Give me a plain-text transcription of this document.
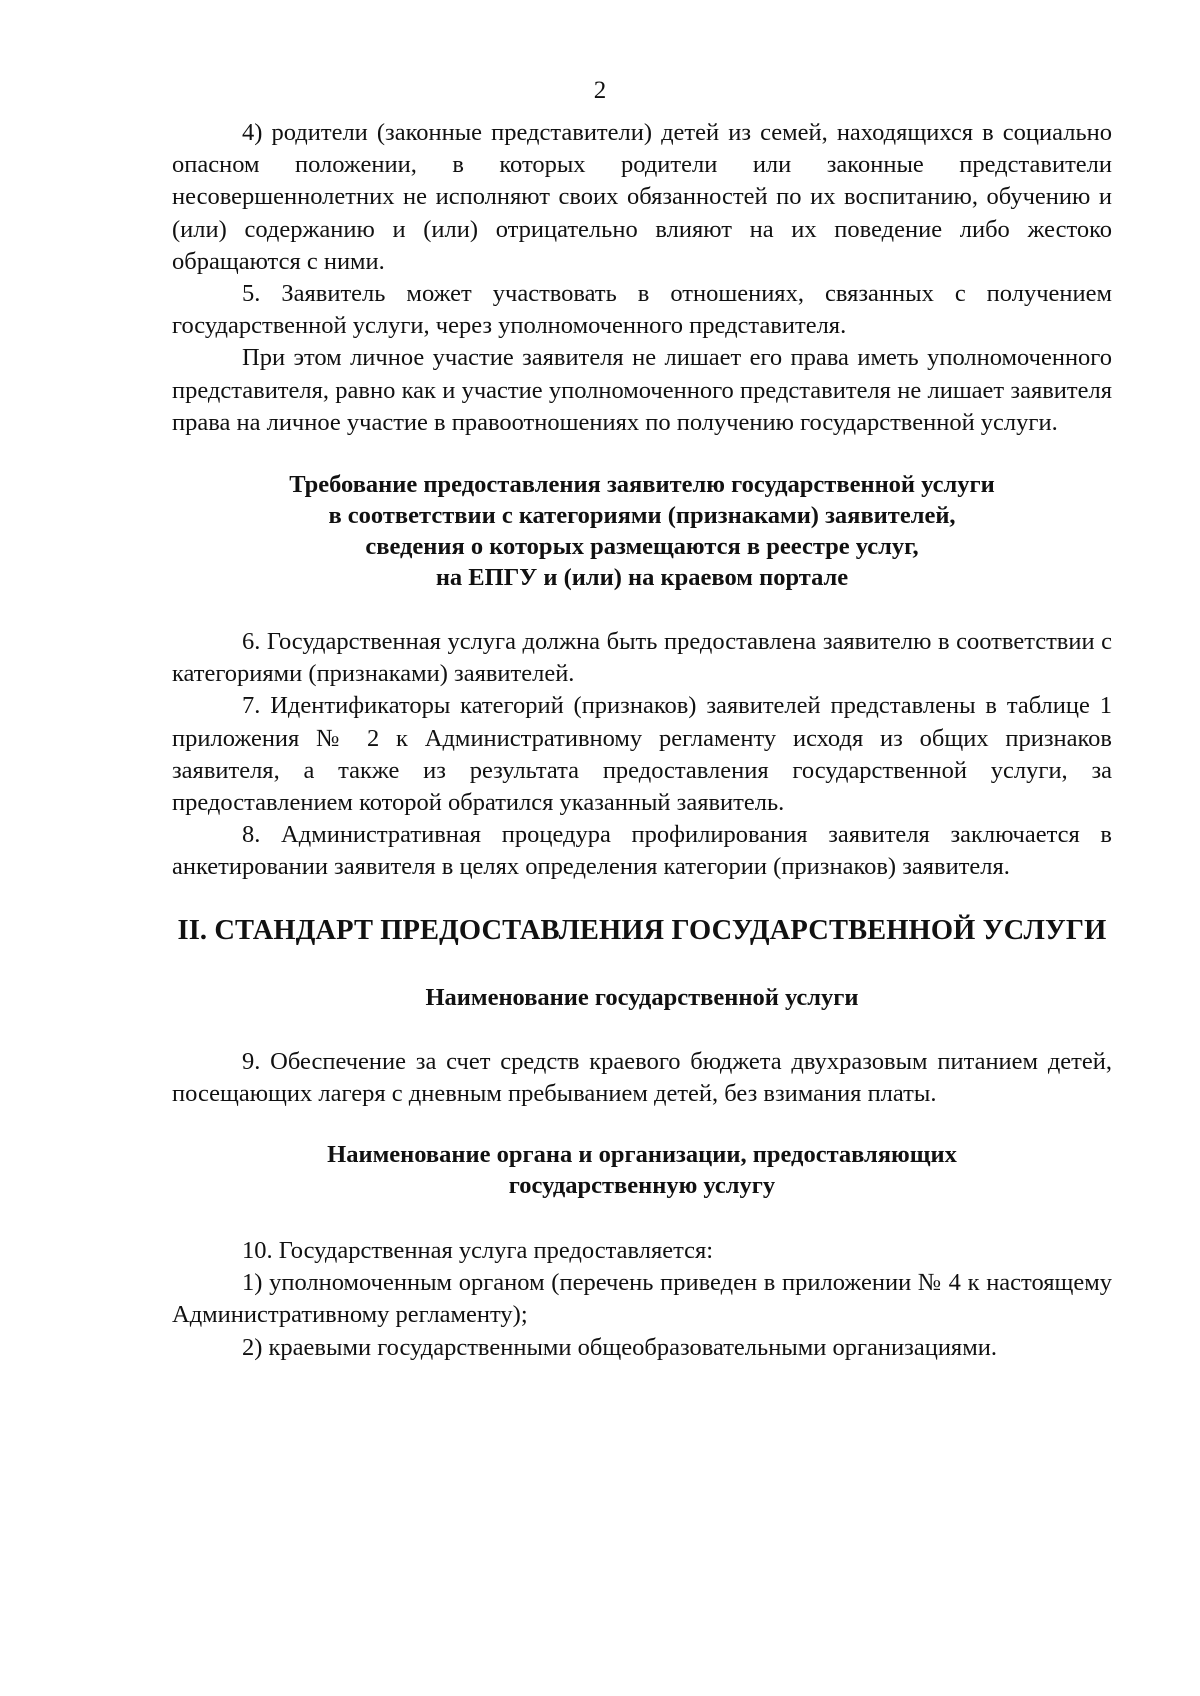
2

4) родители (законные представители) детей из семей, находящихся в социально опасном положении, в которых родители или законные представители несовершеннолетних не исполняют своих обязанностей по их воспитанию, обучению и (или) содержанию и (или) отрицательно влияют на их поведение либо жестоко обращаются с ними.

5. Заявитель может участвовать в отношениях, связанных с получением государственной услуги, через уполномоченного представителя.

При этом личное участие заявителя не лишает его права иметь уполномоченного представителя, равно как и участие уполномоченного представителя не лишает заявителя права на личное участие в правоотношениях по получению государственной услуги.

Требование предоставления заявителю государственной услуги
в соответствии с категориями (признаками) заявителей,
сведения о которых размещаются в реестре услуг,
на ЕПГУ и (или) на краевом портале

6. Государственная услуга должна быть предоставлена заявителю в соответствии с категориями (признаками) заявителей.

7. Идентификаторы категорий (признаков) заявителей представлены в таблице 1 приложения № 2 к Административному регламенту исходя из общих признаков заявителя, а также из результата предоставления государственной услуги, за предоставлением которой обратился указанный заявитель.

8. Административная процедура профилирования заявителя заключается в анкетировании заявителя в целях определения категории (признаков) заявителя.

II. СТАНДАРТ ПРЕДОСТАВЛЕНИЯ ГОСУДАРСТВЕННОЙ УСЛУГИ
Наименование государственной услуги

9. Обеспечение за счет средств краевого бюджета двухразовым питанием детей, посещающих лагеря с дневным пребыванием детей, без взимания платы.

Наименование органа и организации, предоставляющих
государственную услугу

10. Государственная услуга предоставляется:

1) уполномоченным органом (перечень приведен в приложении № 4 к настоящему Административному регламенту);

2) краевыми государственными общеобразовательными организациями.
